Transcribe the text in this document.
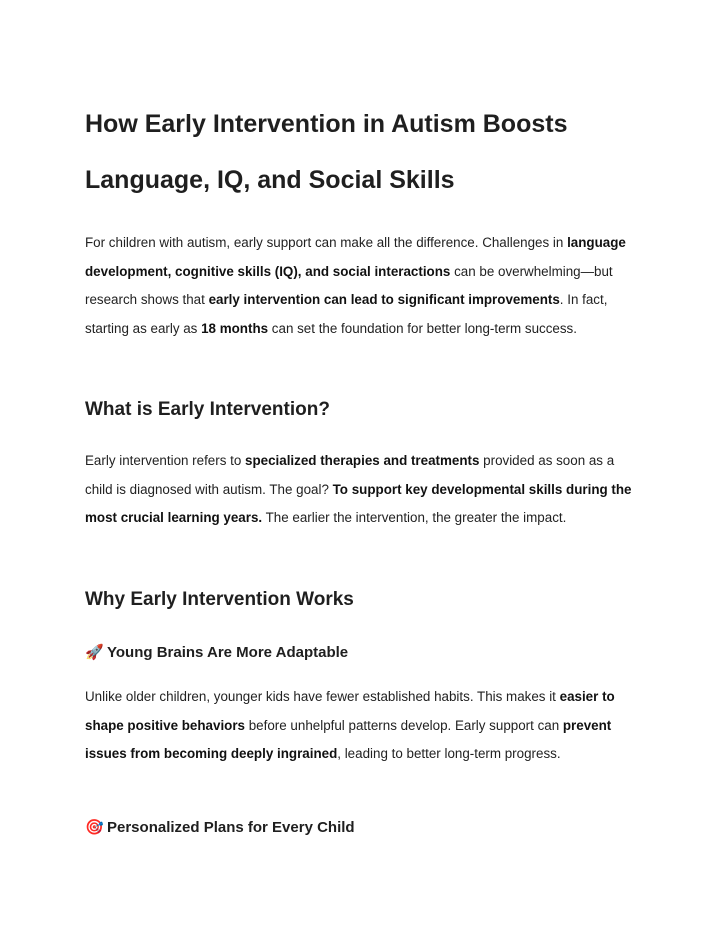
How Early Intervention in Autism Boosts Language, IQ, and Social Skills

For children with autism, early support can make all the difference. Challenges in language development, cognitive skills (IQ), and social interactions can be overwhelming—but research shows that early intervention can lead to significant improvements. In fact, starting as early as 18 months can set the foundation for better long-term success.

What is Early Intervention?

Early intervention refers to specialized therapies and treatments provided as soon as a child is diagnosed with autism. The goal? To support key developmental skills during the most crucial learning years. The earlier the intervention, the greater the impact.

Why Early Intervention Works
🚀 Young Brains Are More Adaptable

Unlike older children, younger kids have fewer established habits. This makes it easier to shape positive behaviors before unhelpful patterns develop. Early support can prevent issues from becoming deeply ingrained, leading to better long-term progress.

🎯 Personalized Plans for Every Child
